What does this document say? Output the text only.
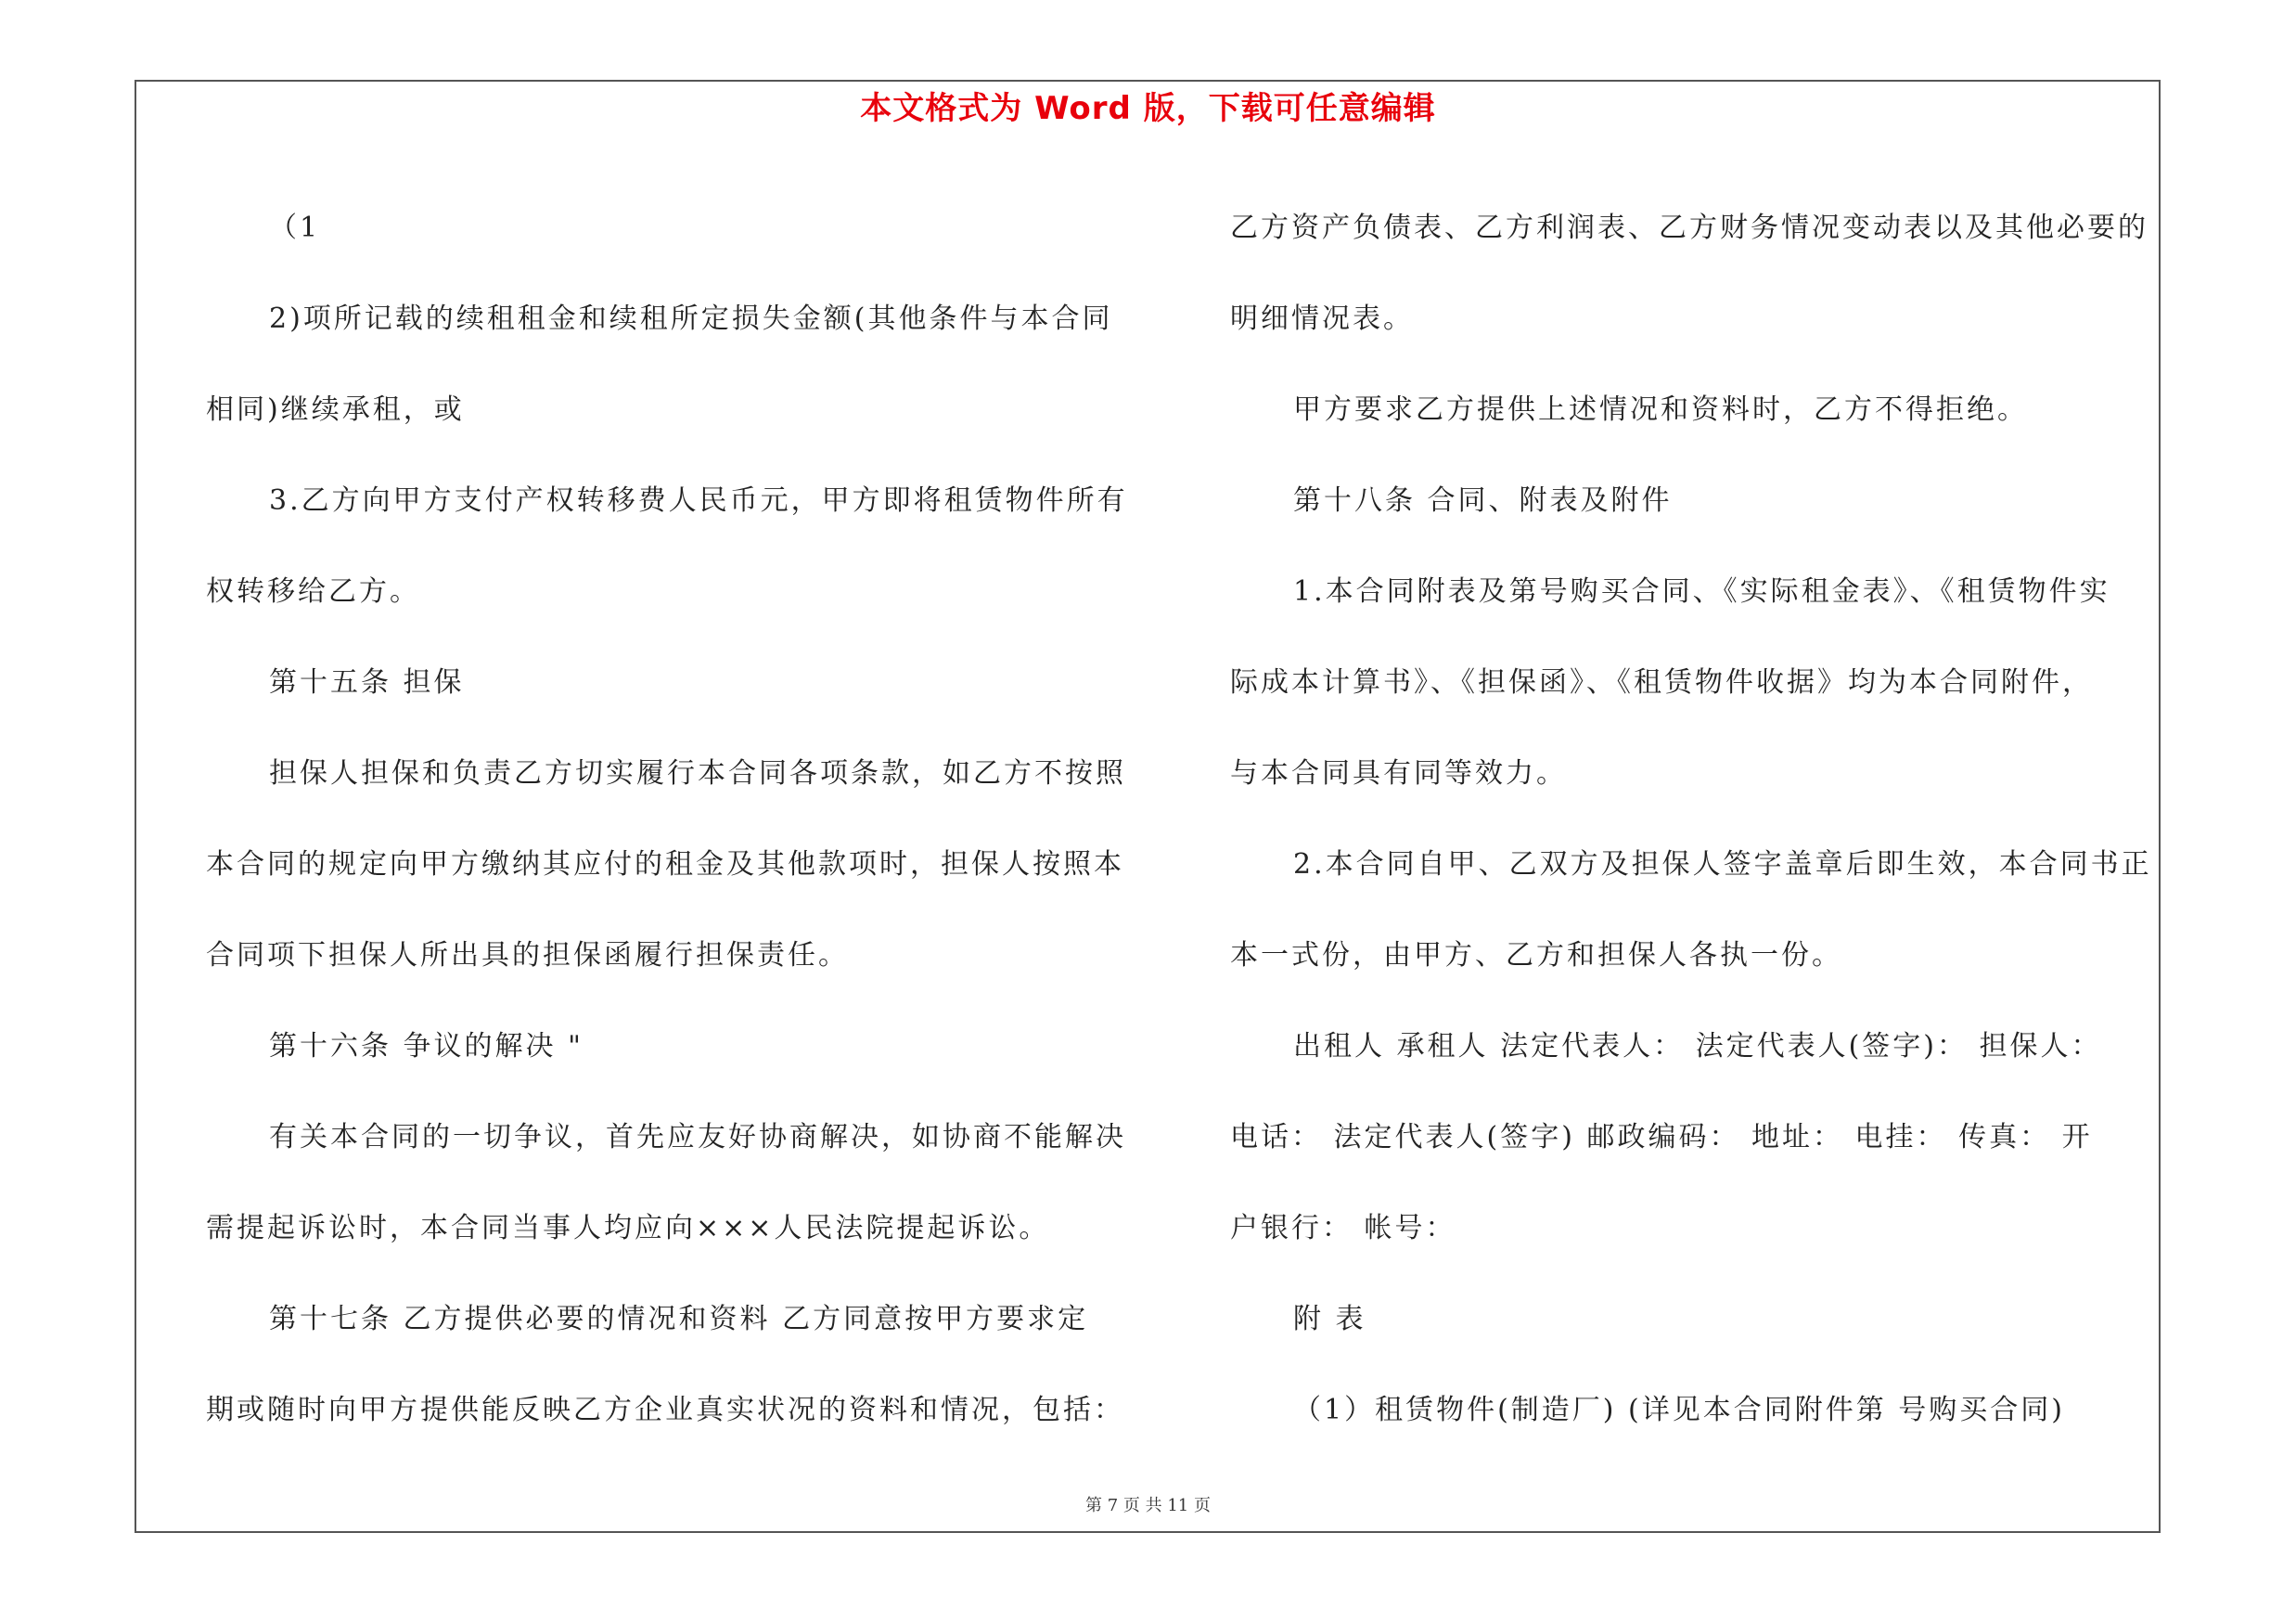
本文格式为 Word 版，下载可任意编辑

（1

2)项所记载的续租租金和续租所定损失金额(其他条件与本合同

相同)继续承租，或

3.乙方向甲方支付产权转移费人民币元，甲方即将租赁物件所有

权转移给乙方。

第十五条 担保

担保人担保和负责乙方切实履行本合同各项条款，如乙方不按照

本合同的规定向甲方缴纳其应付的租金及其他款项时，担保人按照本

合同项下担保人所出具的担保函履行担保责任。

第十六条 争议的解决 "

有关本合同的一切争议，首先应友好协商解决，如协商不能解决

需提起诉讼时，本合同当事人均应向×××人民法院提起诉讼。

第十七条 乙方提供必要的情况和资料 乙方同意按甲方要求定

期或随时向甲方提供能反映乙方企业真实状况的资料和情况，包括：

乙方资产负债表、乙方利润表、乙方财务情况变动表以及其他必要的

明细情况表。

甲方要求乙方提供上述情况和资料时，乙方不得拒绝。

第十八条 合同、附表及附件

1.本合同附表及第号购买合同、《实际租金表》、《租赁物件实

际成本计算书》、《担保函》、《租赁物件收据》均为本合同附件，

与本合同具有同等效力。

2.本合同自甲、乙双方及担保人签字盖章后即生效，本合同书正

本一式份，由甲方、乙方和担保人各执一份。

出租人 承租人 法定代表人： 法定代表人(签字)： 担保人：

电话： 法定代表人(签字) 邮政编码： 地址： 电挂： 传真： 开

户银行： 帐号：

附 表

（1）租赁物件(制造厂) (详见本合同附件第 号购买合同)

第 7 页 共 11 页
